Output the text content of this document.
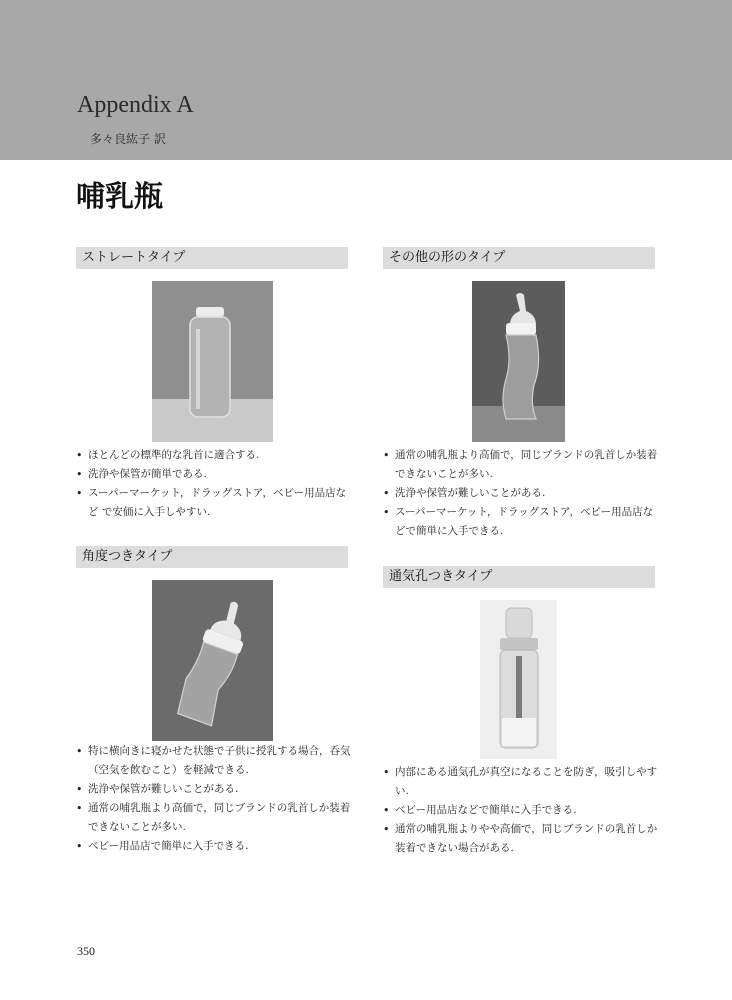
Appendix A
多々良紘子 訳
哺乳瓶
ストレートタイプ
• ほとんどの標準的な乳首に適合する.
• 洗浄や保管が簡単である.
• スーパーマーケット，ドラッグストア，ベビー用品店など で安価に入手しやすい.
その他の形のタイプ
• 通常の哺乳瓶より高価で，同じブランドの乳首しか装着できないことが多い.
• 洗浄や保管が難しいことがある.
• スーパーマーケット，ドラッグストア，ベビー用品店などで簡単に入手できる.
角度つきタイプ
• 特に横向きに寝かせた状態で子供に授乳する場合，呑気（空気を飲むこと）を軽減できる.
• 洗浄や保管が難しいことがある.
• 通常の哺乳瓶より高価で，同じブランドの乳首しか装着できないことが多い.
• ベビー用品店で簡単に入手できる.
通気孔つきタイプ
• 内部にある通気孔が真空になることを防ぎ，吸引しやすい.
• ベビー用品店などで簡単に入手できる.
• 通常の哺乳瓶よりやや高価で，同じブランドの乳首しか装着できない場合がある.
350
